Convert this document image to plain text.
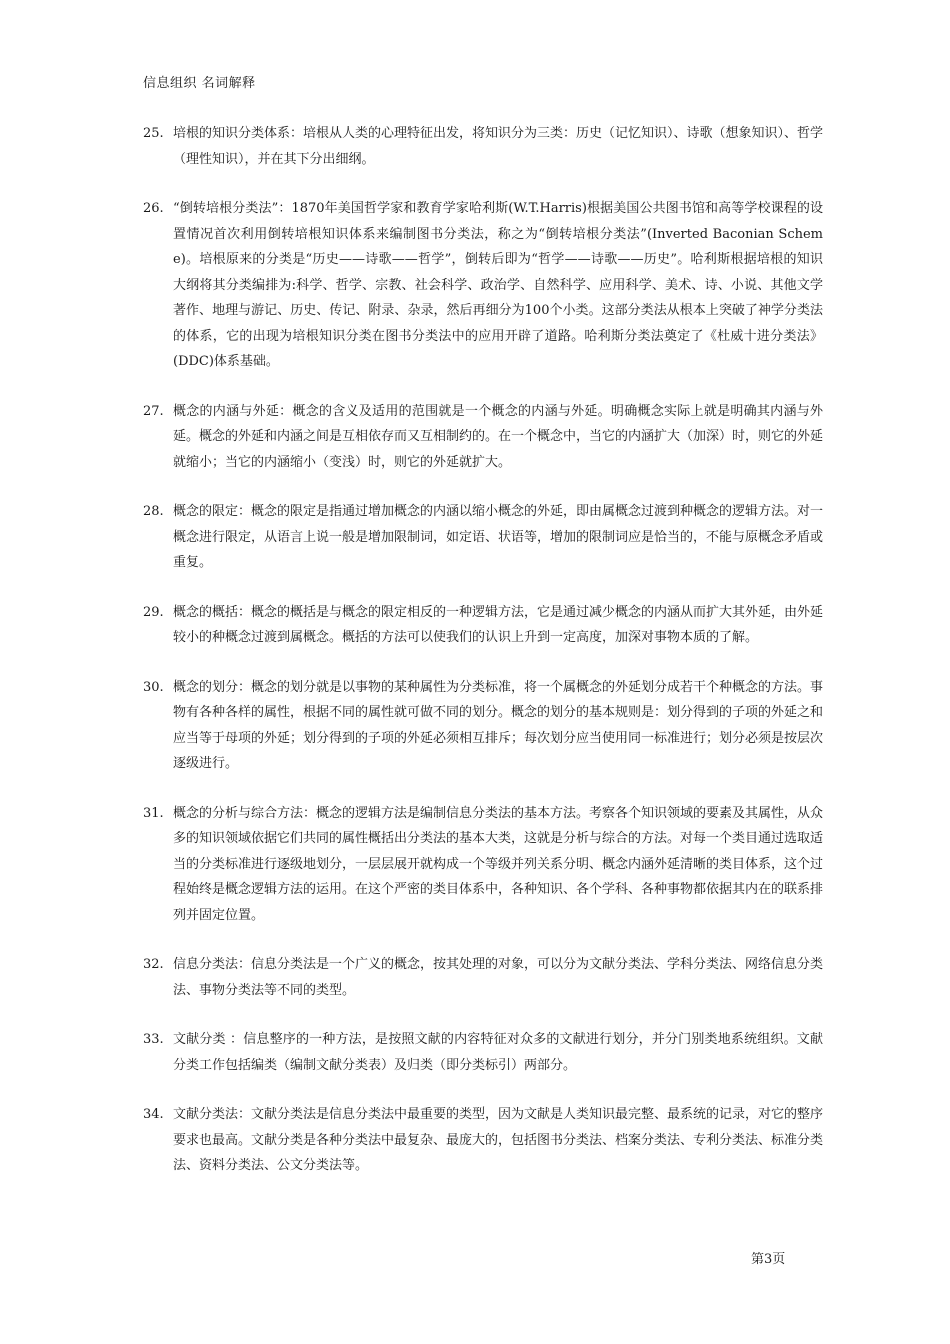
信息组织 名词解释
25. 培根的知识分类体系：培根从人类的心理特征出发，将知识分为三类：历史（记忆知识）、诗歌（想象知识）、哲学（理性知识），并在其下分出细纲。
26. “倒转培根分类法”：1870年美国哲学家和教育学家哈利斯(W.T.Harris)根据美国公共图书馆和高等学校课程的设置情况首次利用倒转培根知识体系来编制图书分类法，称之为“倒转培根分类法”(Inverted Baconian Scheme)。培根原来的分类是“历史——诗歌——哲学”，倒转后即为“哲学——诗歌——历史”。哈利斯根据培根的知识大纲将其分类编排为:科学、哲学、宗教、社会科学、政治学、自然科学、应用科学、美术、诗、小说、其他文学著作、地理与游记、历史、传记、附录、杂录，然后再细分为100个小类。这部分类法从根本上突破了神学分类法的体系，它的出现为培根知识分类在图书分类法中的应用开辟了道路。哈利斯分类法奠定了《杜威十进分类法》(DDC)体系基础。
27. 概念的内涵与外延：概念的含义及适用的范围就是一个概念的内涵与外延。明确概念实际上就是明确其内涵与外延。概念的外延和内涵之间是互相依存而又互相制约的。在一个概念中，当它的内涵扩大（加深）时，则它的外延就缩小；当它的内涵缩小（变浅）时，则它的外延就扩大。
28. 概念的限定：概念的限定是指通过增加概念的内涵以缩小概念的外延，即由属概念过渡到种概念的逻辑方法。对一概念进行限定，从语言上说一般是增加限制词，如定语、状语等，增加的限制词应是恰当的，不能与原概念矛盾或重复。
29. 概念的概括：概念的概括是与概念的限定相反的一种逻辑方法，它是通过减少概念的内涵从而扩大其外延，由外延较小的种概念过渡到属概念。概括的方法可以使我们的认识上升到一定高度，加深对事物本质的了解。
30. 概念的划分：概念的划分就是以事物的某种属性为分类标准，将一个属概念的外延划分成若干个种概念的方法。事物有各种各样的属性，根据不同的属性就可做不同的划分。概念的划分的基本规则是：划分得到的子项的外延之和应当等于母项的外延；划分得到的子项的外延必须相互排斥；每次划分应当使用同一标准进行；划分必须是按层次逐级进行。
31. 概念的分析与综合方法：概念的逻辑方法是编制信息分类法的基本方法。考察各个知识领域的要素及其属性，从众多的知识领域依据它们共同的属性概括出分类法的基本大类，这就是分析与综合的方法。对每一个类目通过选取适当的分类标准进行逐级地划分，一层层展开就构成一个等级并列关系分明、概念内涵外延清晰的类目体系，这个过程始终是概念逻辑方法的运用。在这个严密的类目体系中，各种知识、各个学科、各种事物都依据其内在的联系排列并固定位置。
32. 信息分类法：信息分类法是一个广义的概念，按其处理的对象，可以分为文献分类法、学科分类法、网络信息分类法、事物分类法等不同的类型。
33. 文献分类 ：信息整序的一种方法，是按照文献的内容特征对众多的文献进行划分，并分门别类地系统组织。文献分类工作包括编类（编制文献分类表）及归类（即分类标引）两部分。
34. 文献分类法：文献分类法是信息分类法中最重要的类型，因为文献是人类知识最完整、最系统的记录，对它的整序要求也最高。文献分类是各种分类法中最复杂、最庞大的，包括图书分类法、档案分类法、专利分类法、标准分类法、资料分类法、公文分类法等。
第3页
